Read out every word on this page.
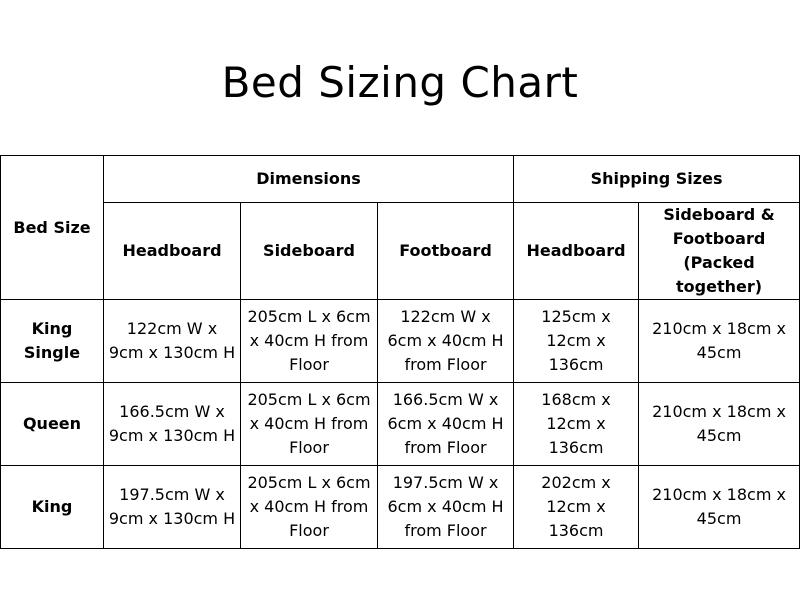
Bed Sizing Chart
Bed Size	Dimensions			Shipping Sizes	
	Headboard	Sideboard	Footboard	Headboard	Sideboard & Footboard (Packed together)
King Single	122cm W x 9cm x 130cm H	205cm L x 6cm x 40cm H from Floor	122cm W x 6cm x 40cm H from Floor	125cm x 12cm x 136cm	210cm x 18cm x 45cm
Queen	166.5cm W x 9cm x 130cm H	205cm L x 6cm x 40cm H from Floor	166.5cm W x 6cm x 40cm H from Floor	168cm x 12cm x 136cm	210cm x 18cm x 45cm
King	197.5cm W x 9cm x 130cm H	205cm L x 6cm x 40cm H from Floor	197.5cm W x 6cm x 40cm H from Floor	202cm x 12cm x 136cm	210cm x 18cm x 45cm
